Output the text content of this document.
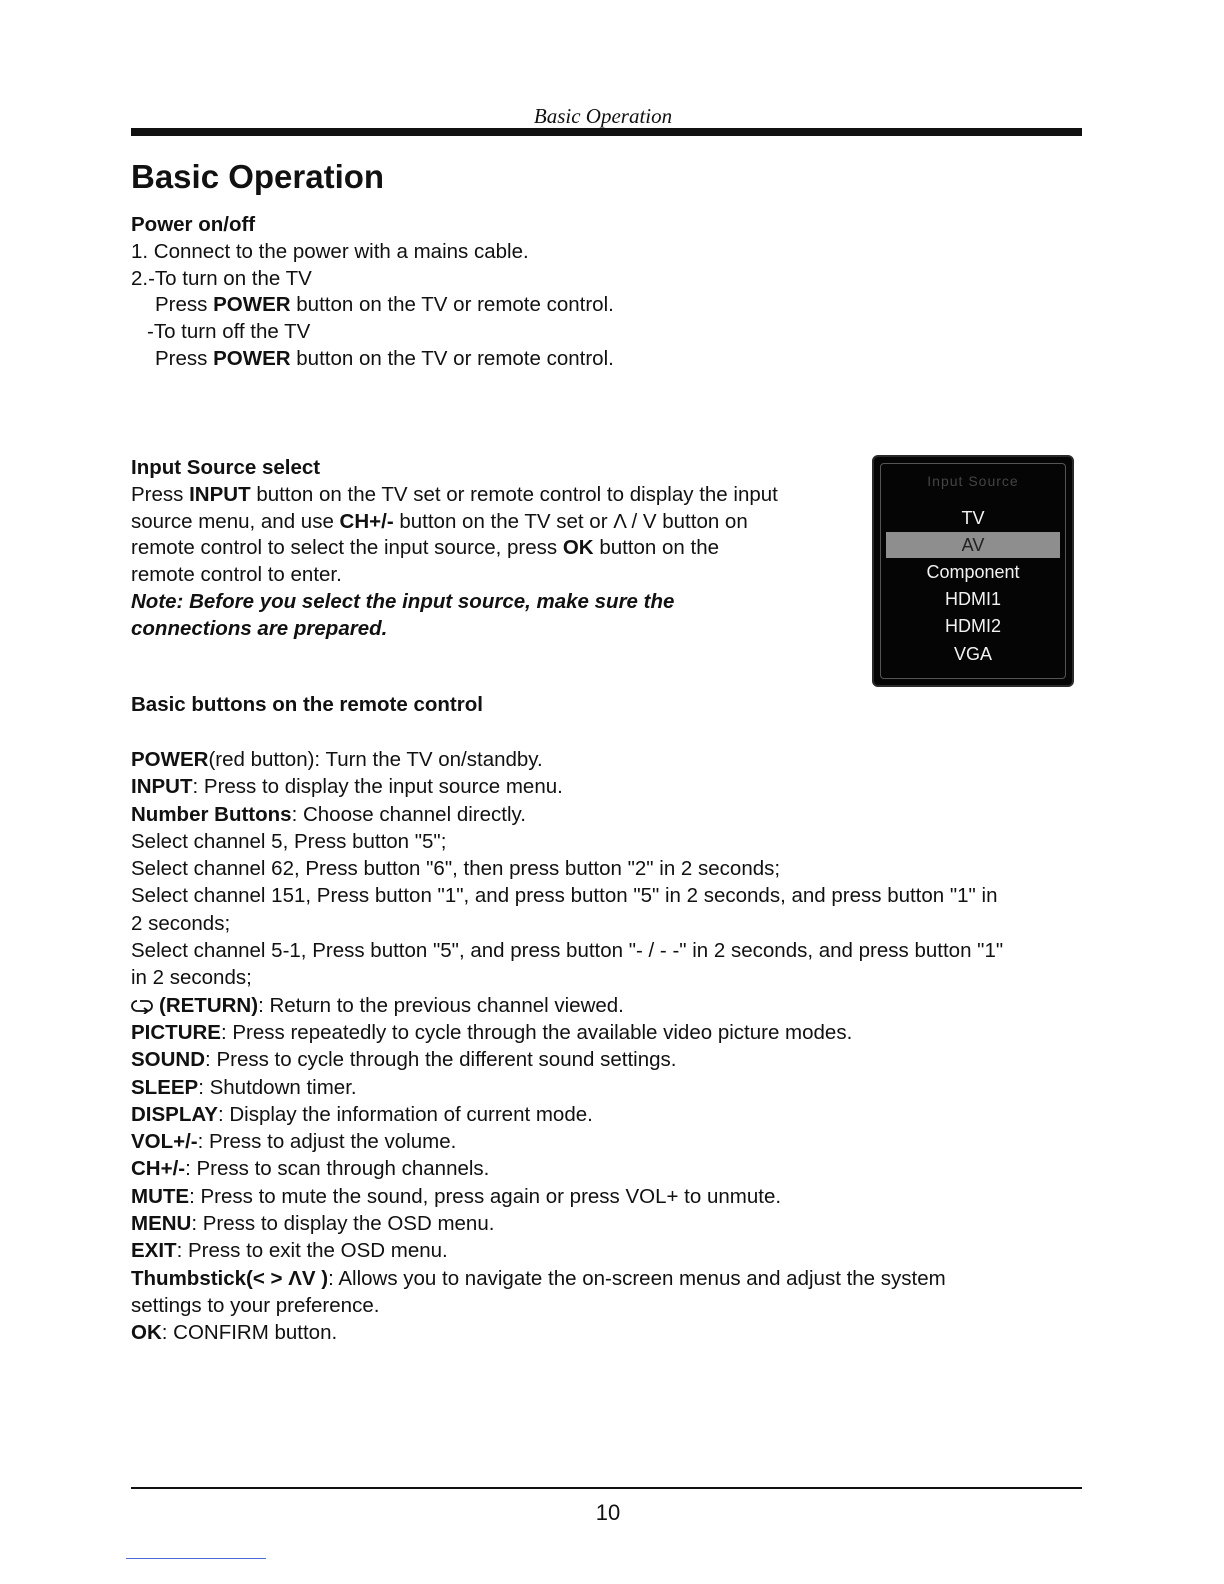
Basic Operation
Basic Operation
Power on/off

1. Connect to the power with a mains cable.

2.-To turn on the TV

Press POWER button on the TV or remote control.

-To turn off the TV

Press POWER button on the TV or remote control.

Input Source select

Press INPUT button on the TV set or remote control to display the input

source menu, and use CH+/- button on the TV set or Λ / V button on

remote control to select the input source, press OK button on the

remote control to enter.

Note: Before you select the input source, make sure the

connections are prepared.

Input Source
TV
AV
Component
HDMI1
HDMI2
VGA
Basic buttons on the remote control

POWER(red button): Turn the TV on/standby.

INPUT: Press to display the input source menu.

Number Buttons: Choose channel directly.

Select channel 5, Press button "5";

Select channel 62, Press button "6", then press button "2" in 2 seconds;

Select channel 151, Press button "1", and press button "5" in 2 seconds, and press button "1" in

2 seconds;

Select channel 5-1, Press button "5", and press button "- / - -" in 2 seconds, and press button "1"

in 2 seconds;

(RETURN): Return to the previous channel viewed.

PICTURE: Press repeatedly to cycle through the available video picture modes.

SOUND: Press to cycle through the different sound settings.

SLEEP: Shutdown timer.

DISPLAY: Display the information of current mode.

VOL+/-: Press to adjust the volume.

CH+/-: Press to scan through channels.

MUTE: Press to mute the sound, press again or press VOL+ to unmute.

MENU: Press to display the OSD menu.

EXIT: Press to exit the OSD menu.

Thumbstick(< > ΛV ): Allows you to navigate the on-screen menus and adjust the system

settings to your preference.

OK: CONFIRM button.

10
